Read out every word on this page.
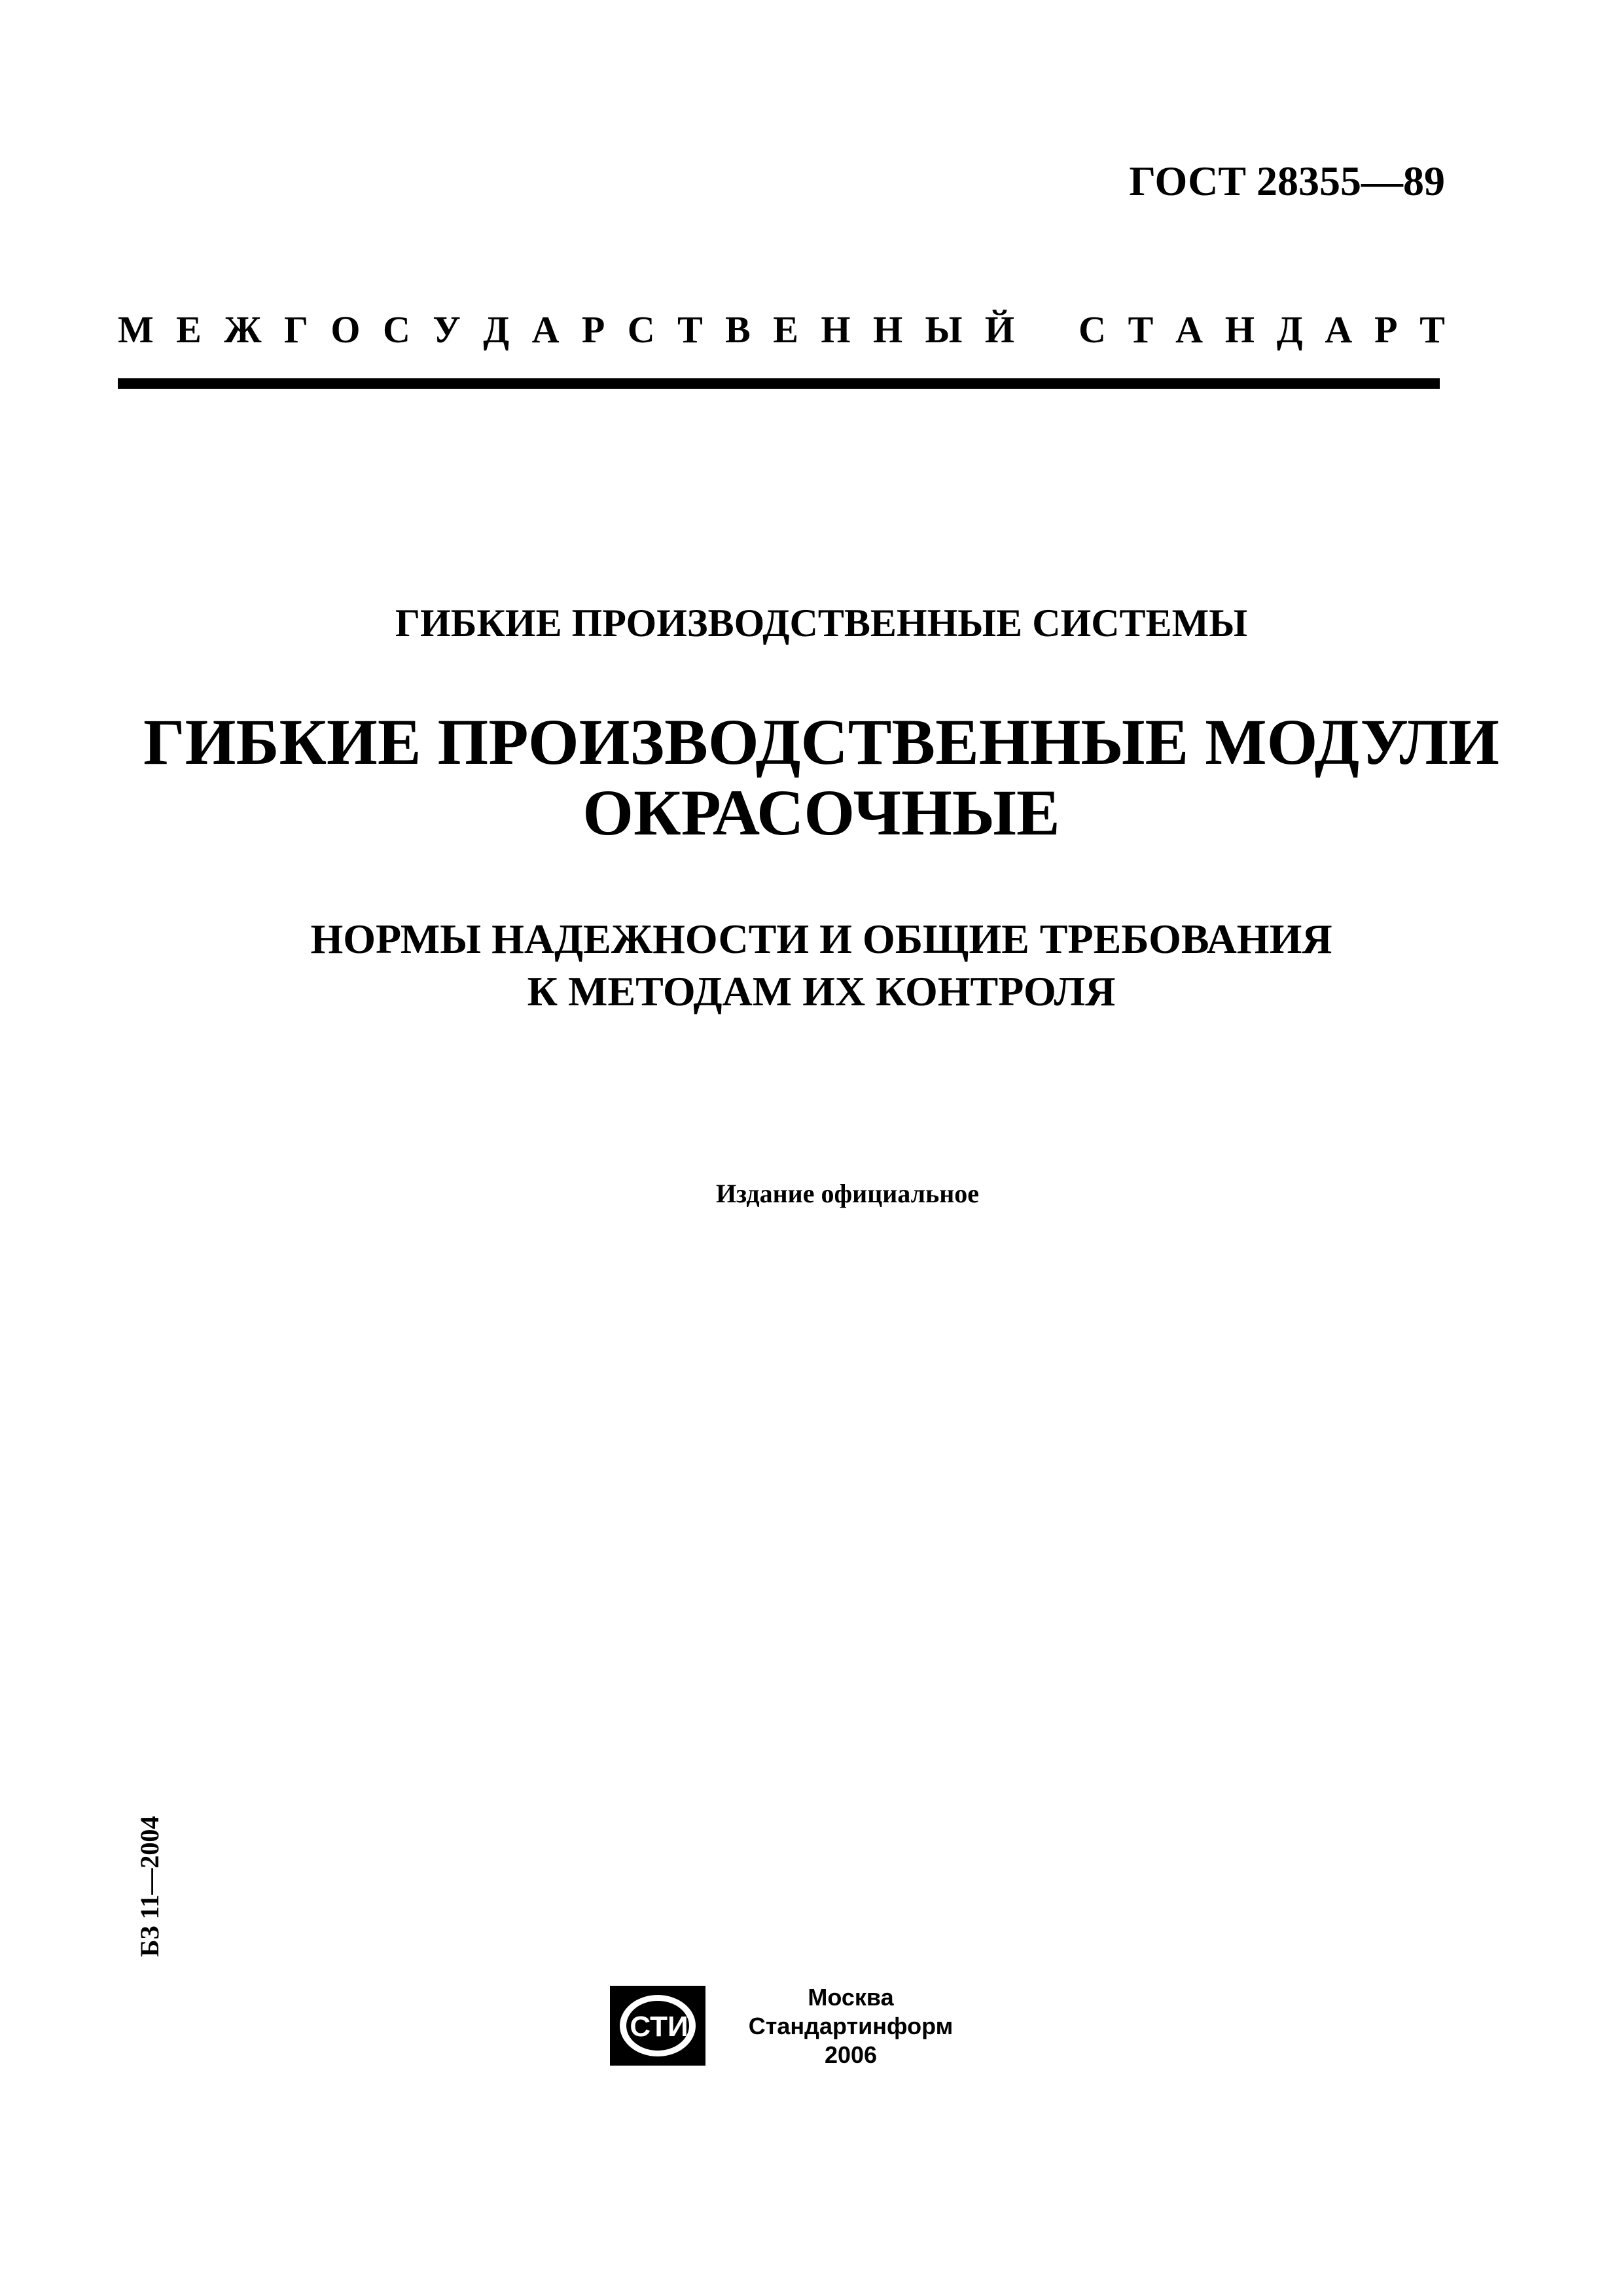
ГОСТ 28355—89
М Е Ж Г О С У Д А Р С Т В Е Н Н Ы Й С Т А Н Д А Р Т
ГИБКИЕ ПРОИЗВОДСТВЕННЫЕ СИСТЕМЫ
ГИБКИЕ ПРОИЗВОДСТВЕННЫЕ МОДУЛИ
ОКРАСОЧНЫЕ
НОРМЫ НАДЕЖНОСТИ И ОБЩИЕ ТРЕБОВАНИЯ
К МЕТОДАМ ИХ КОНТРОЛЯ
Издание официальное
БЗ 11—2004
СТИ
Москва
Стандартинформ
2006
